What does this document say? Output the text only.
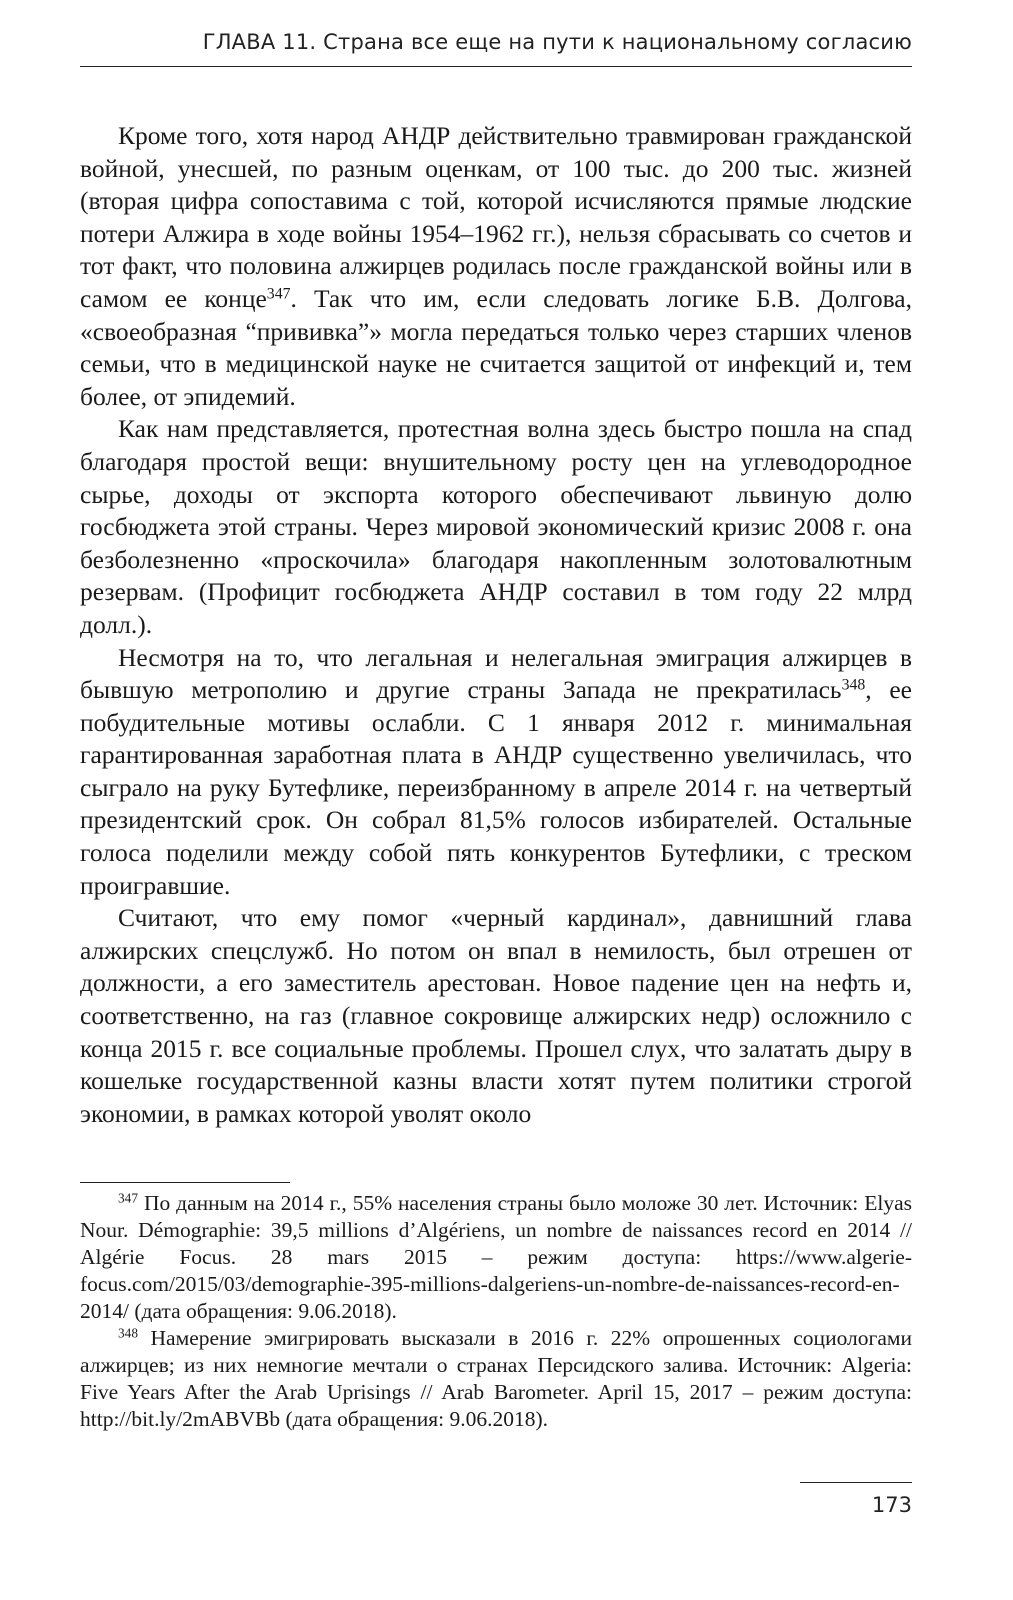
ГЛАВА 11. Страна все еще на пути к национальному согласию

Кроме того, хотя народ АНДР действительно травмирован гражданской войной, унесшей, по разным оценкам, от 100 тыс. до 200 тыс. жизней (вторая цифра сопоставима с той, которой исчисляются прямые людские потери Алжира в ходе войны 1954–1962 гг.), нельзя сбрасывать со счетов и тот факт, что половина алжирцев родилась после гражданской войны или в самом ее конце$^{347}$. Так что им, если следовать логике Б.В. Долгова, «своеобразная “прививка”» могла передаться только через старших членов семьи, что в медицинской науке не считается защитой от инфекций и, тем более, от эпидемий.

Как нам представляется, протестная волна здесь быстро пошла на спад благодаря простой вещи: внушительному росту цен на углеводородное сырье, доходы от экспорта которого обеспечивают львиную долю госбюджета этой страны. Через мировой экономический кризис 2008 г. она безболезненно «проскочила» благодаря накопленным золотовалютным резервам. (Профицит госбюджета АНДР составил в том году 22 млрд долл.).

Несмотря на то, что легальная и нелегальная эмиграция алжирцев в бывшую метрополию и другие страны Запада не прекратилась$^{348}$, ее побудительные мотивы ослабли. С 1 января 2012 г. минимальная гарантированная заработная плата в АНДР существенно увеличилась, что сыграло на руку Бутефлике, переизбранному в апреле 2014 г. на четвертый президентский срок. Он собрал 81,5% голосов избирателей. Остальные голоса поделили между собой пять конкурентов Бутефлики, с треском проигравшие.

Считают, что ему помог «черный кардинал», давнишний глава алжирских спецслужб. Но потом он впал в немилость, был отрешен от должности, а его заместитель арестован. Новое падение цен на нефть и, соответственно, на газ (главное сокровище алжирских недр) осложнило с конца 2015 г. все социальные проблемы. Прошел слух, что залатать дыру в кошельке государственной казны власти хотят путем политики строгой экономии, в рамках которой уволят около

$^{347}$ По данным на 2014 г., 55% населения страны было моложе 30 лет. Источник: Elyas Nour. Démographie: 39,5 millions d’Algériens, un nombre de naissances record en 2014 // Algérie Focus. 28 mars 2015 – режим доступа: https://www.algerie-focus.com/2015/03/demographie-395-millions-dalgeriens-un-nombre-de-naissances-record-en-2014/ (дата обращения: 9.06.2018).

$^{348}$ Намерение эмигрировать высказали в 2016 г. 22% опрошенных социологами алжирцев; из них немногие мечтали о странах Персидского залива. Источник: Algeria: Five Years After the Arab Uprisings // Arab Barometer. April 15, 2017 – режим доступа: http://bit.ly/2mABVBb (дата обращения: 9.06.2018).

173
